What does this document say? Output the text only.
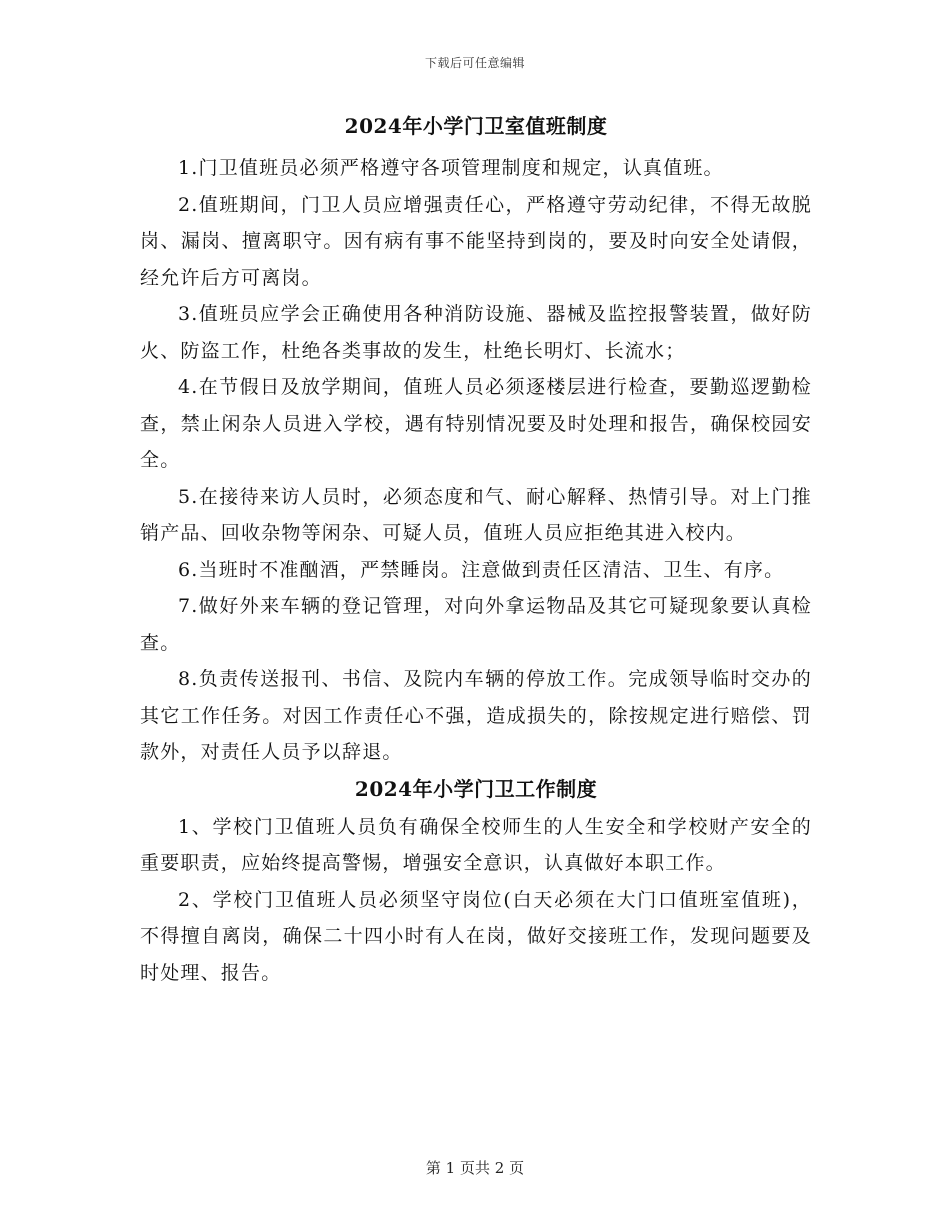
下载后可任意编辑
2024年小学门卫室值班制度

1.门卫值班员必须严格遵守各项管理制度和规定，认真值班。

2.值班期间，门卫人员应增强责任心，严格遵守劳动纪律，不得无故脱岗、漏岗、擅离职守。因有病有事不能坚持到岗的，要及时向安全处请假，经允许后方可离岗。

3.值班员应学会正确使用各种消防设施、器械及监控报警装置，做好防火、防盗工作，杜绝各类事故的发生，杜绝长明灯、长流水；

4.在节假日及放学期间，值班人员必须逐楼层进行检查，要勤巡逻勤检查，禁止闲杂人员进入学校，遇有特别情况要及时处理和报告，确保校园安全。

5.在接待来访人员时，必须态度和气、耐心解释、热情引导。对上门推销产品、回收杂物等闲杂、可疑人员，值班人员应拒绝其进入校内。

6.当班时不准酗酒，严禁睡岗。注意做到责任区清洁、卫生、有序。

7.做好外来车辆的登记管理，对向外拿运物品及其它可疑现象要认真检查。

8.负责传送报刊、书信、及院内车辆的停放工作。完成领导临时交办的其它工作任务。对因工作责任心不强，造成损失的，除按规定进行赔偿、罚款外，对责任人员予以辞退。

2024年小学门卫工作制度

1、学校门卫值班人员负有确保全校师生的人生安全和学校财产安全的重要职责，应始终提高警惕，增强安全意识，认真做好本职工作。

2、学校门卫值班人员必须坚守岗位(白天必须在大门口值班室值班)，不得擅自离岗，确保二十四小时有人在岗，做好交接班工作，发现问题要及时处理、报告。

第 1 页共 2 页
